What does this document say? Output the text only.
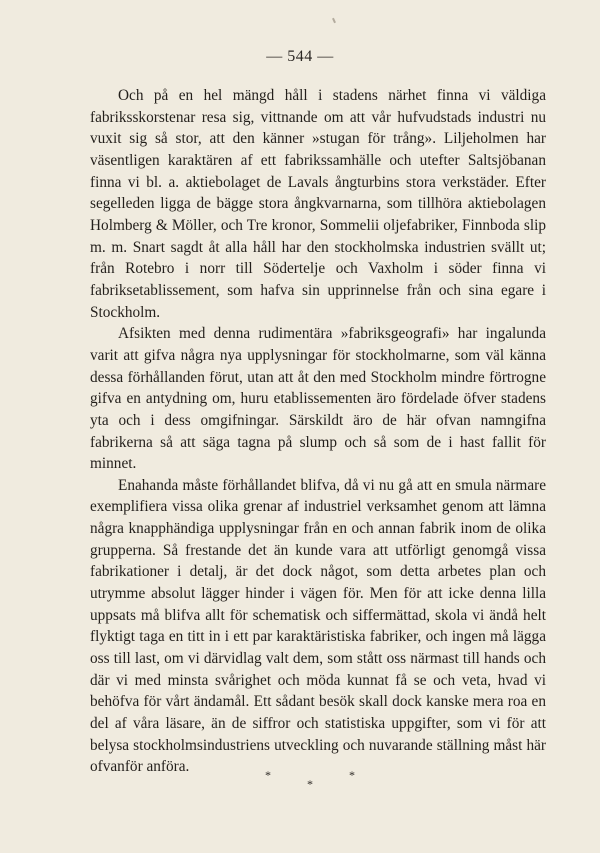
— 544 —

Och på en hel mängd håll i stadens närhet finna vi väldiga fabriksskorstenar resa sig, vittnande om att vår hufvudstads industri nu vuxit sig så stor, att den känner »stugan för trång». Liljeholmen har väsentligen karaktären af ett fabrikssamhälle och utefter Saltsjöbanan finna vi bl. a. aktiebolaget de Lavals ångturbins stora verkstäder. Efter segelleden ligga de bägge stora ångkvarnarna, som tillhöra aktiebolagen Holmberg & Möller, och Tre kronor, Sommelii oljefabriker, Finnboda slip m. m. Snart sagdt åt alla håll har den stockholmska industrien svällt ut; från Rotebro i norr till Södertelje och Vaxholm i söder finna vi fabriksetablissement, som hafva sin upprinnelse från och sina egare i Stockholm.

Afsikten med denna rudimentära »fabriksgeografi» har ingalunda varit att gifva några nya upplysningar för stockholmarne, som väl känna dessa förhållanden förut, utan att åt den med Stockholm mindre förtrogne gifva en antydning om, huru etablissementen äro fördelade öfver stadens yta och i dess omgifningar. Särskildt äro de här ofvan namngifna fabrikerna så att säga tagna på slump och så som de i hast fallit för minnet.

Enahanda måste förhållandet blifva, då vi nu gå att en smula närmare exemplifiera vissa olika grenar af industriel verksamhet genom att lämna några knapphändiga upplysningar från en och annan fabrik inom de olika grupperna. Så frestande det än kunde vara att utförligt genomgå vissa fabrikationer i detalj, är det dock något, som detta arbetes plan och utrymme absolut lägger hinder i vägen för. Men för att icke denna lilla uppsats må blifva allt för schematisk och siffermättad, skola vi ändå helt flyktigt taga en titt in i ett par karaktäristiska fabriker, och ingen må lägga oss till last, om vi därvidlag valt dem, som stått oss närmast till hands och där vi med minsta svårighet och möda kunnat få se och veta, hvad vi behöfva för vårt ändamål. Ett sådant besök skall dock kanske mera roa en del af våra läsare, än de siffror och statistiska uppgifter, som vi för att belysa stockholmsindustriens utveckling och nuvarande ställning måst här ofvanför anföra.	*
*
*
